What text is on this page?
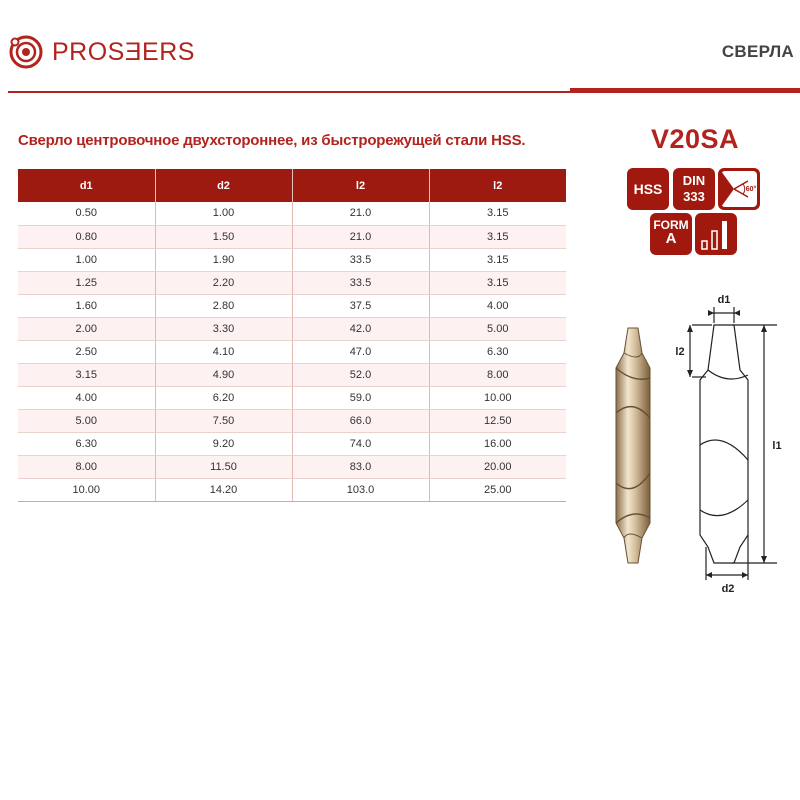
PROSƎERS	СВЕРЛА
Сверло центровочное двухстороннее, из быстрорежущей стали HSS.
d1	d2	l2	l2
0.50	1.00	21.0	3.15
0.80	1.50	21.0	3.15
1.00	1.90	33.5	3.15
1.25	2.20	33.5	3.15
1.60	2.80	37.5	4.00
2.00	3.30	42.0	5.00
2.50	4.10	47.0	6.30
3.15	4.90	52.0	8.00
4.00	6.20	59.0	10.00
5.00	7.50	66.0	12.50
6.30	9.20	74.0	16.00
8.00	11.50	83.0	20.00
10.00	14.20	103.0	25.00
V20SA
HSS
DIN
333	60°
FORM
A
d1
l2
l1
d2
